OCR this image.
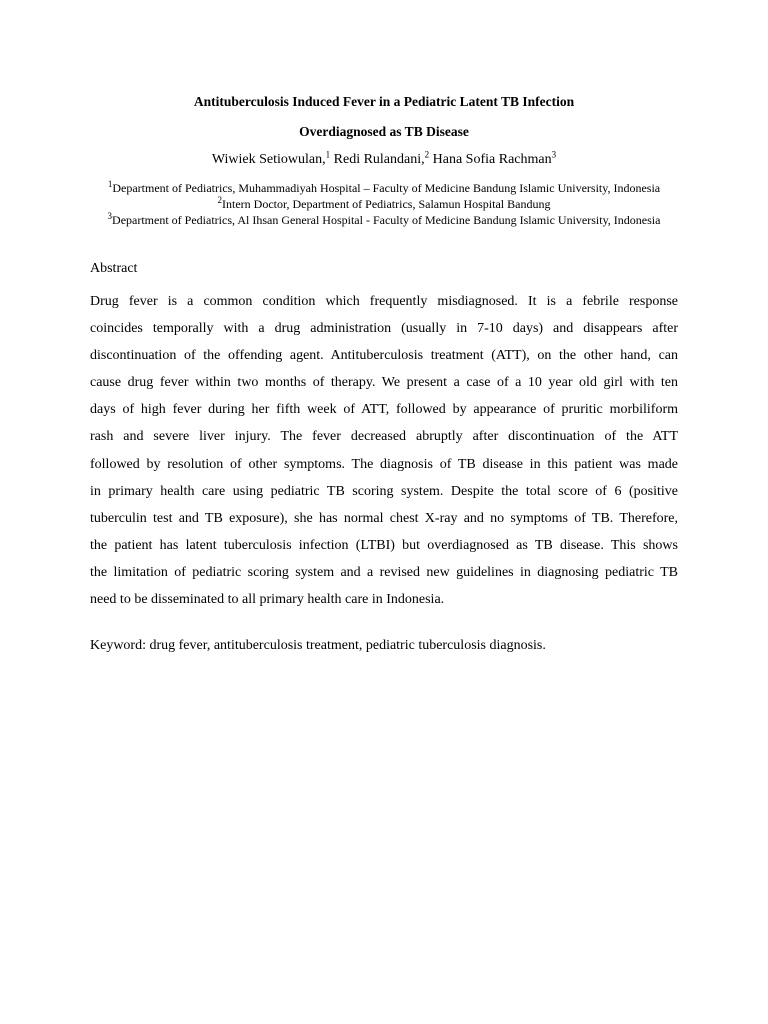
Antituberculosis Induced Fever in a Pediatric Latent TB Infection
Overdiagnosed as TB Disease
Wiwiek Setiowulan,$^1$ Redi Rulandani,$^2$ Hana Sofia Rachman$^3$
$^1$Department of Pediatrics, Muhammadiyah Hospital – Faculty of Medicine Bandung Islamic University, Indonesia
$^2$Intern Doctor, Department of Pediatrics, Salamun Hospital Bandung
$^3$Department of Pediatrics, Al Ihsan General Hospital - Faculty of Medicine Bandung Islamic University, Indonesia
Abstract
Drug fever is a common condition which frequently misdiagnosed. It is a febrile response
coincides temporally with a drug administration (usually in 7-10 days) and disappears after
discontinuation of the offending agent. Antituberculosis treatment (ATT), on the other hand, can
cause drug fever within two months of therapy. We present a case of a 10 year old girl with ten
days of high fever during her fifth week of ATT, followed by appearance of pruritic morbiliform
rash and severe liver injury. The fever decreased abruptly after discontinuation of the ATT
followed by resolution of other symptoms. The diagnosis of TB disease in this patient was made
in primary health care using pediatric TB scoring system. Despite the total score of 6 (positive
tuberculin test and TB exposure), she has normal chest X-ray and no symptoms of TB. Therefore,
the patient has latent tuberculosis infection (LTBI) but overdiagnosed as TB disease. This shows
the limitation of pediatric scoring system and a revised new guidelines in diagnosing pediatric TB
need to be disseminated to all primary health care in Indonesia.
Keyword: drug fever, antituberculosis treatment, pediatric tuberculosis diagnosis.
